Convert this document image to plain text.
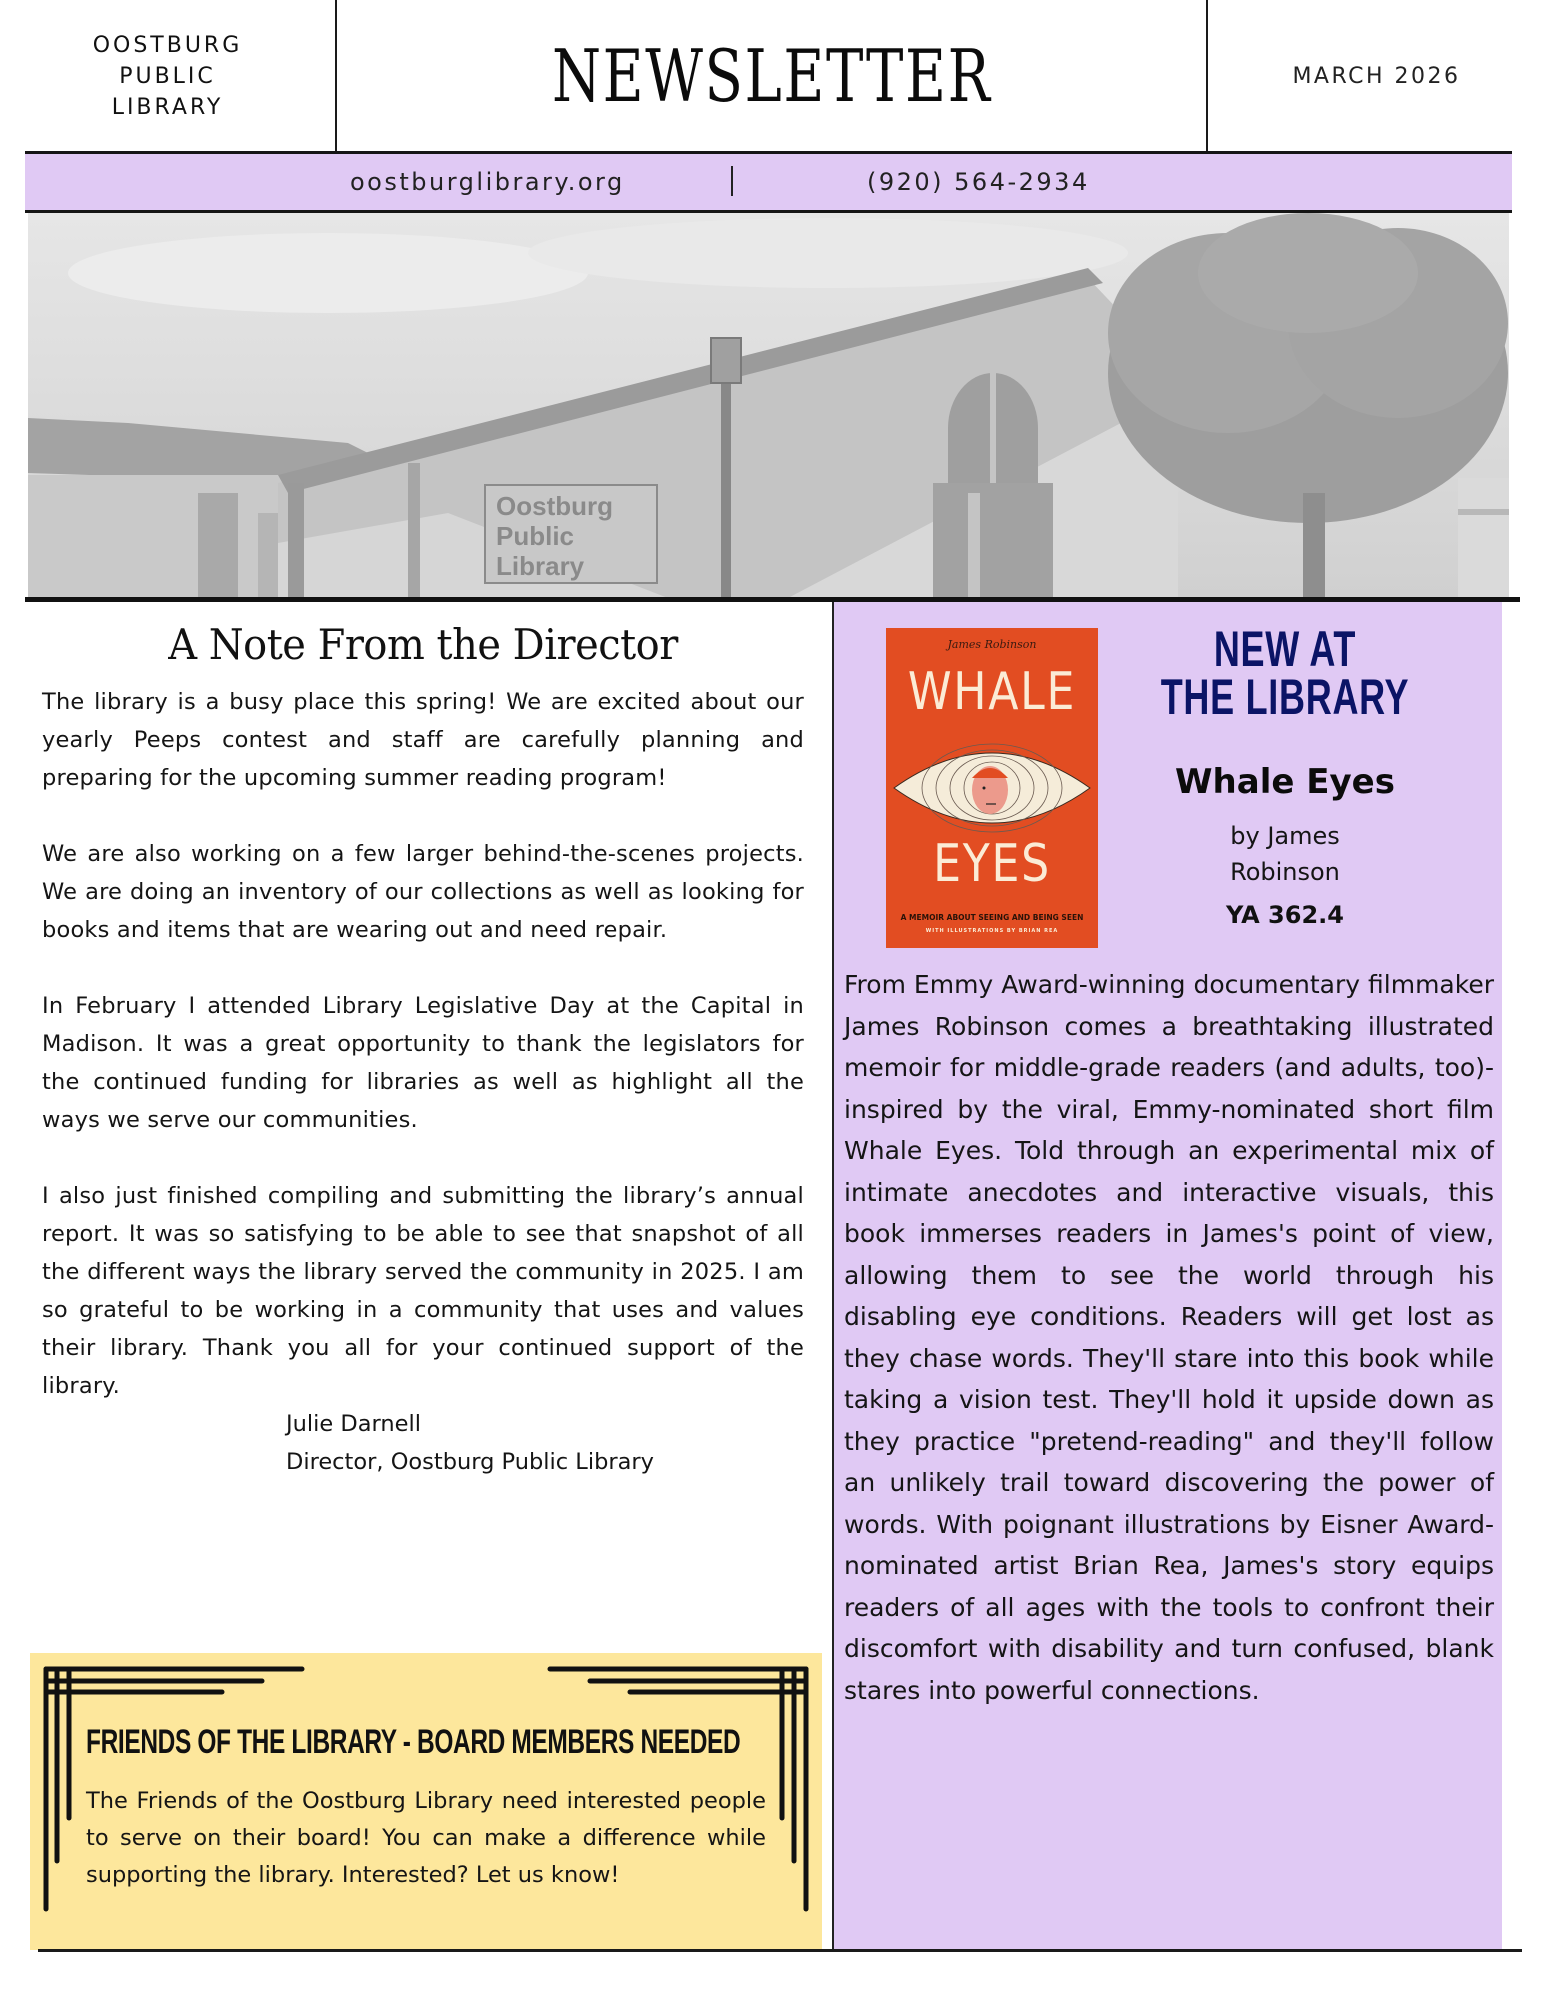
OOSTBURG
PUBLIC
LIBRARY	NEWSLETTER	MARCH 2026
oostburglibrary.org	(920) 564-2934
Oostburg
Public
Library
A Note From the Director

The library is a busy place this spring! We are excited about our yearly Peeps contest and staff are carefully planning and preparing for the upcoming summer reading program!

We are also working on a few larger behind-the-scenes projects. We are doing an inventory of our collections as well as looking for books and items that are wearing out and need repair.

In February I attended Library Legislative Day at the Capital in Madison. It was a great opportunity to thank the legislators for the continued funding for libraries as well as highlight all the ways we serve our communities.

I also just finished compiling and submitting the library’s annual report. It was so satisfying to be able to see that snapshot of all the different ways the library served the community in 2025. I am so grateful to be working in a community that uses and values their library. Thank you all for your continued support of the library.

Julie Darnell
Director, Oostburg Public Library
FRIENDS OF THE LIBRARY - BOARD MEMBERS NEEDED

The Friends of the Oostburg Library need interested people to serve on their board! You can make a difference while supporting the library. Interested? Let us know!

James Robinson
WHALE
EYES
A MEMOIR ABOUT SEEING AND BEING SEEN
WITH ILLUSTRATIONS BY BRIAN REA
NEW AT
THE LIBRARY
Whale Eyes
by James
Robinson
YA 362.4

From Emmy Award-winning documentary filmmaker James Robinson comes a breathtaking illustrated memoir for middle-grade readers (and adults, too)-inspired by the viral, Emmy-nominated short film Whale Eyes. Told through an experimental mix of intimate anecdotes and interactive visuals, this book immerses readers in James's point of view, allowing them to see the world through his disabling eye conditions. Readers will get lost as they chase words. They'll stare into this book while taking a vision test. They'll hold it upside down as they practice "pretend-reading" and they'll follow an unlikely trail toward discovering the power of words. With poignant illustrations by Eisner Award-nominated artist Brian Rea, James's story equips readers of all ages with the tools to confront their discomfort with disability and turn confused, blank stares into powerful connections.
